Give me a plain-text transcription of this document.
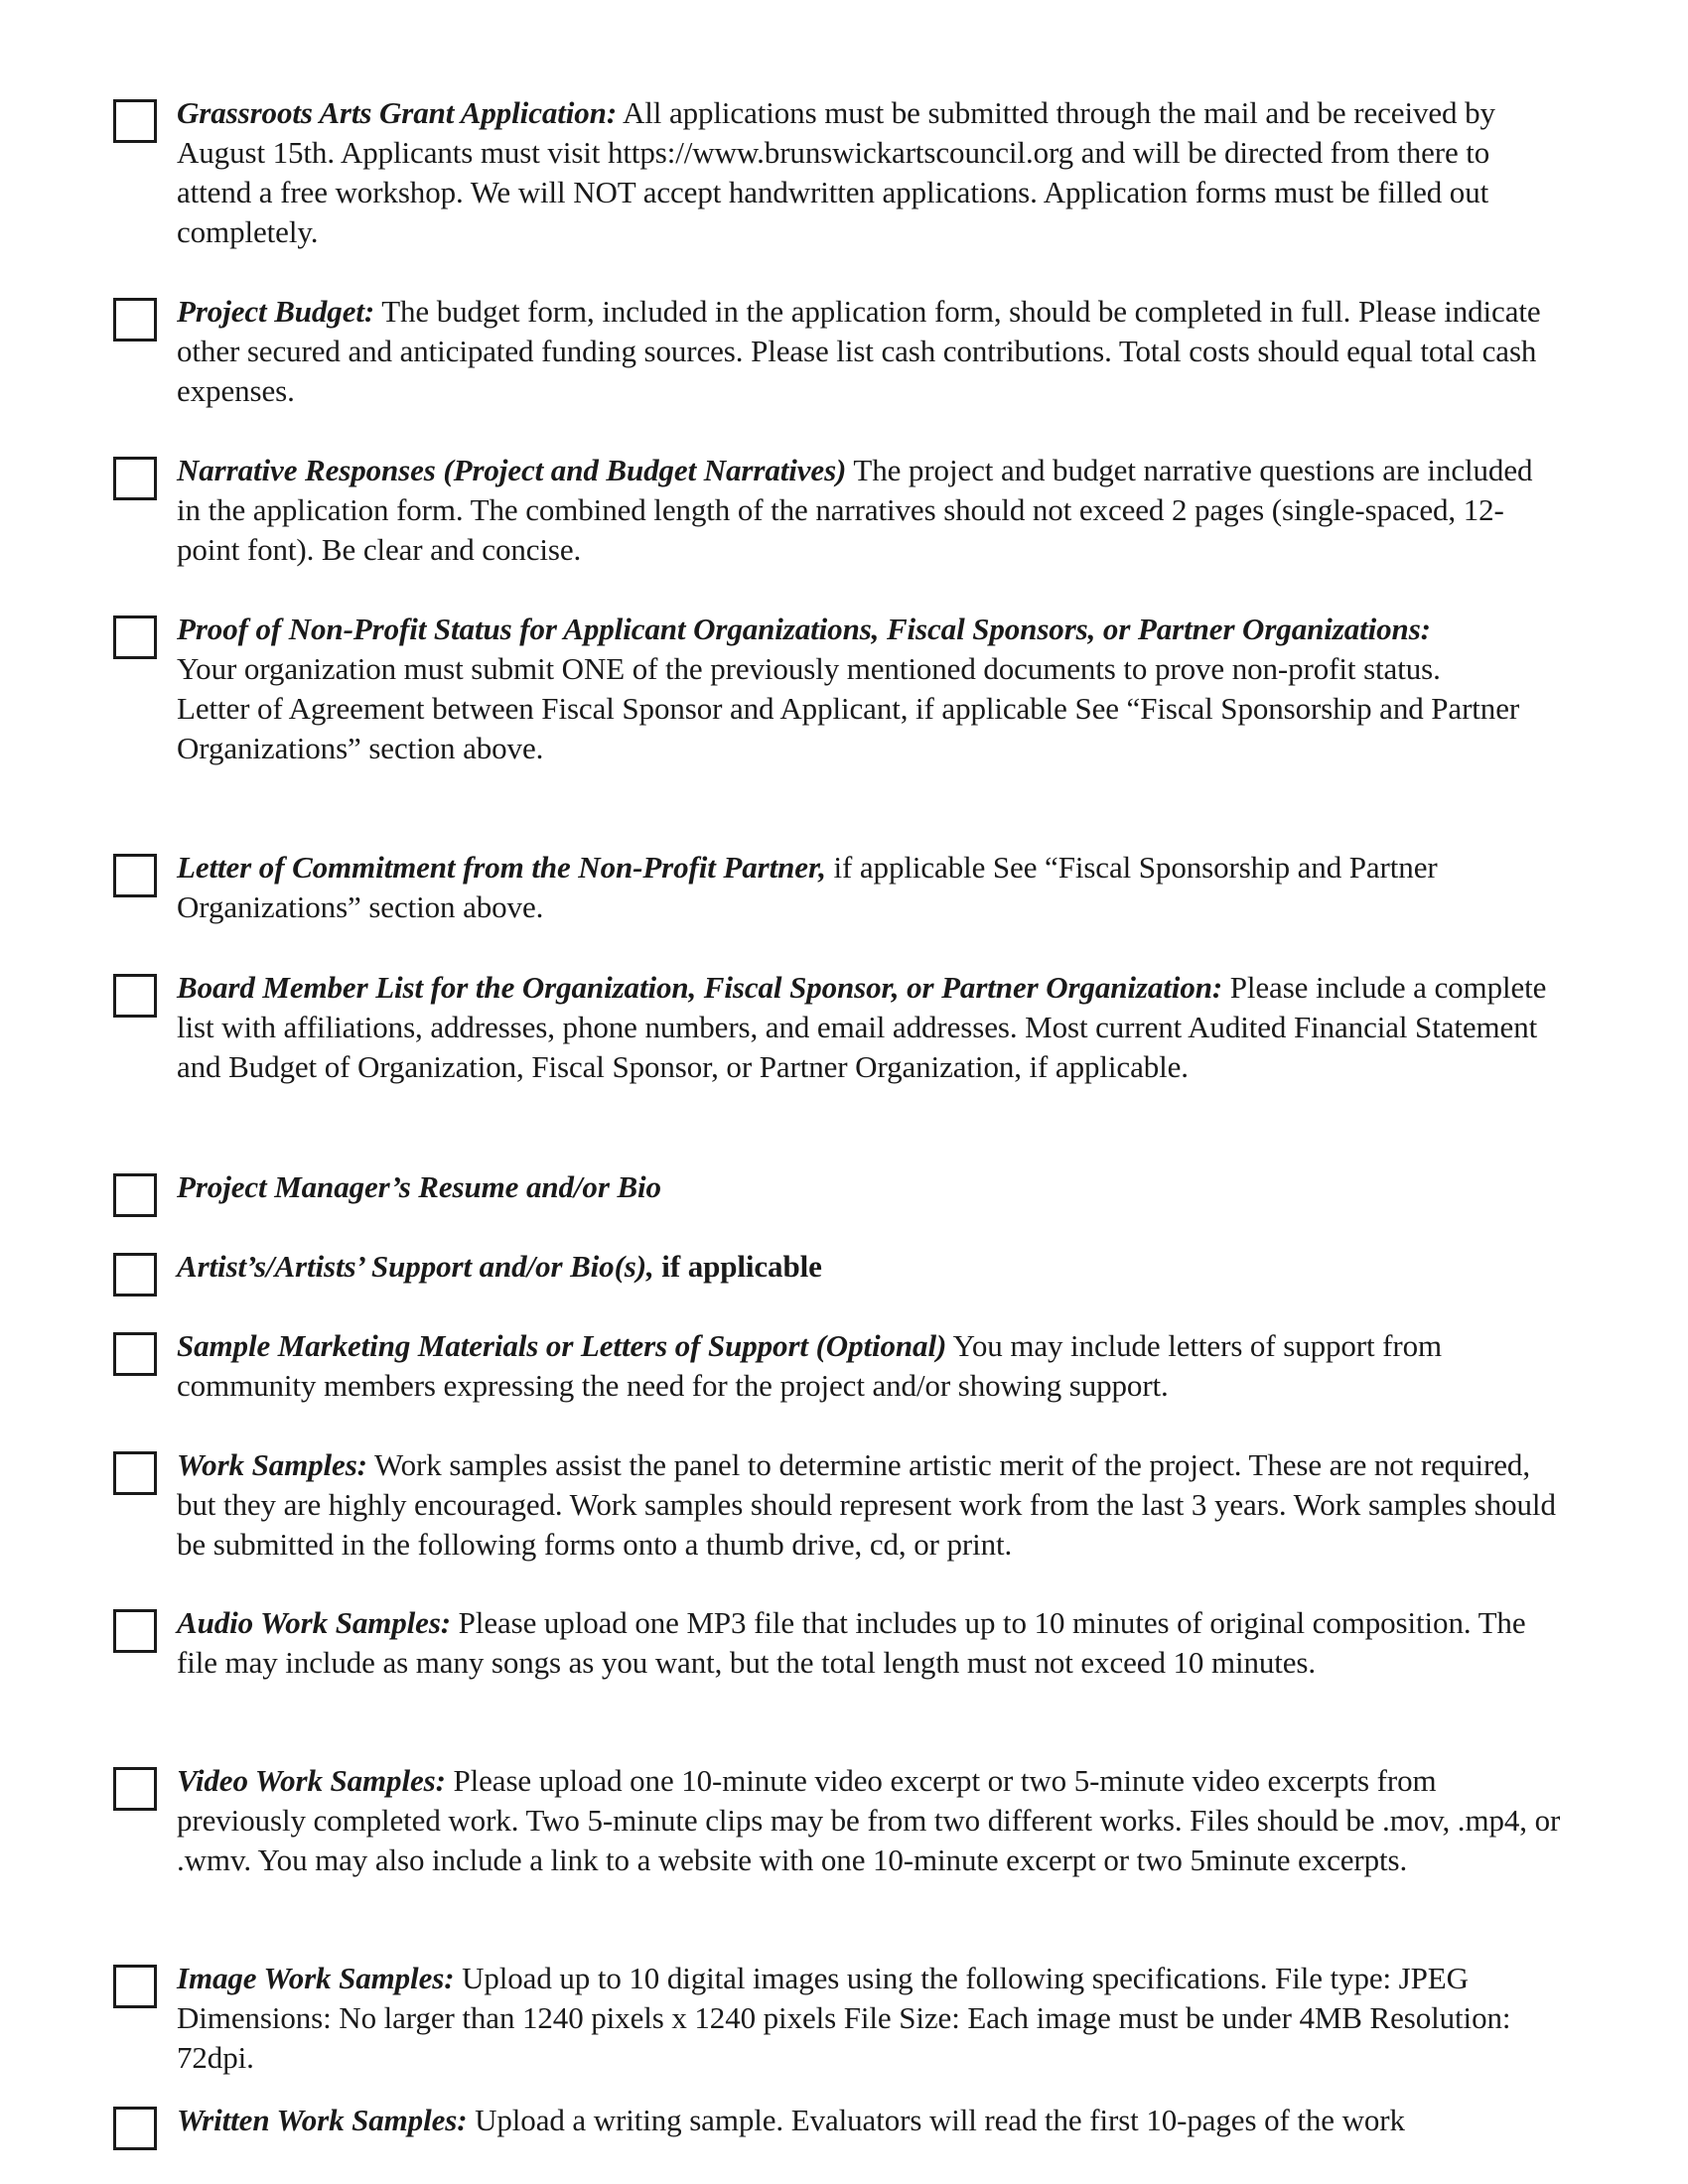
Grassroots Arts Grant Application: All applications must be submitted through the mail and be received by August 15th. Applicants must visit https://www.brunswickartscouncil.org and will be directed from there to attend a free workshop. We will NOT accept handwritten applications. Application forms must be filled out completely.
Project Budget: The budget form, included in the application form, should be completed in full. Please indicate other secured and anticipated funding sources. Please list cash contributions. Total costs should equal total cash expenses.
Narrative Responses (Project and Budget Narratives) The project and budget narrative questions are included in the application form. The combined length of the narratives should not exceed 2 pages (single-spaced, 12-point font). Be clear and concise.
Proof of Non-Profit Status for Applicant Organizations, Fiscal Sponsors, or Partner Organizations:
Your organization must submit ONE of the previously mentioned documents to prove non-profit status.
Letter of Agreement between Fiscal Sponsor and Applicant, if applicable See “Fiscal Sponsorship and Partner Organizations” section above.
Letter of Commitment from the Non-Profit Partner, if applicable See “Fiscal Sponsorship and Partner Organizations” section above.
Board Member List for the Organization, Fiscal Sponsor, or Partner Organization: Please include a complete list with affiliations, addresses, phone numbers, and email addresses. Most current Audited Financial Statement and Budget of Organization, Fiscal Sponsor, or Partner Organization, if applicable.
Project Manager’s Resume and/or Bio
Artist’s/Artists’ Support and/or Bio(s), if applicable
Sample Marketing Materials or Letters of Support (Optional) You may include letters of support from community members expressing the need for the project and/or showing support.
Work Samples: Work samples assist the panel to determine artistic merit of the project. These are not required, but they are highly encouraged. Work samples should represent work from the last 3 years. Work samples should be submitted in the following forms onto a thumb drive, cd, or print.
Audio Work Samples: Please upload one MP3 file that includes up to 10 minutes of original composition. The file may include as many songs as you want, but the total length must not exceed 10 minutes.
Video Work Samples: Please upload one 10-minute video excerpt or two 5-minute video excerpts from previously completed work. Two 5-minute clips may be from two different works. Files should be .mov, .mp4, or .wmv. You may also include a link to a website with one 10-minute excerpt or two 5minute excerpts.
Image Work Samples: Upload up to 10 digital images using the following specifications. File type: JPEG Dimensions: No larger than 1240 pixels x 1240 pixels File Size: Each image must be under 4MB Resolution: 72dpi.
Written Work Samples: Upload a writing sample. Evaluators will read the first 10-pages of the work
